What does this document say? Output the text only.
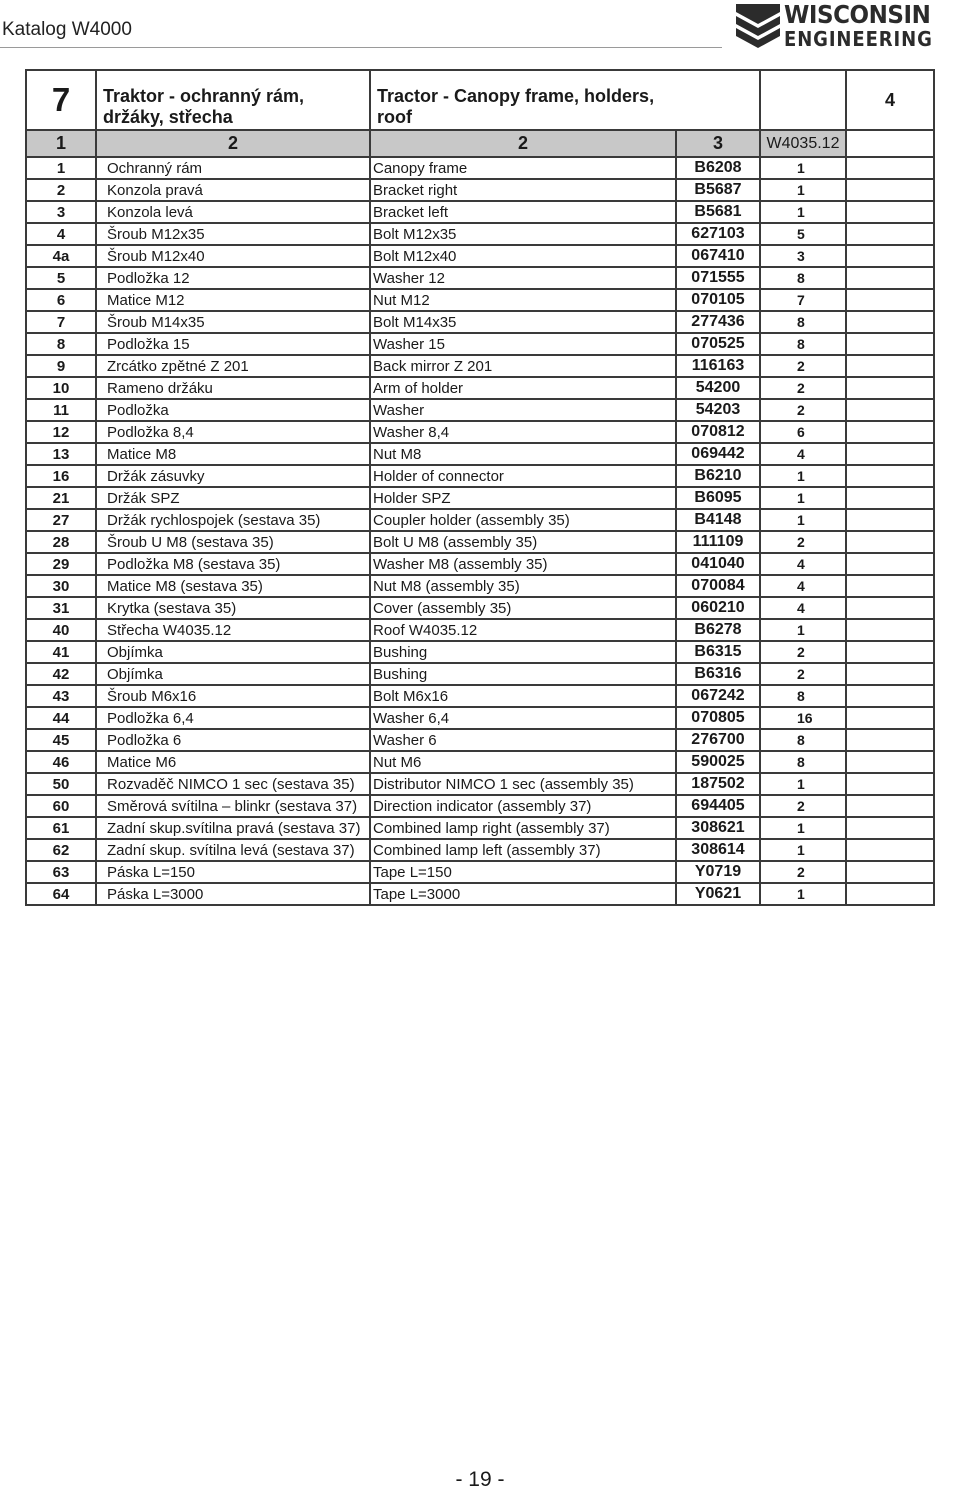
Katalog W4000
WISCONSIN
ENGINEERING
7	Traktor - ochranný rám, držáky, střecha	Tractor - Canopy frame, holders, roof			4
1	2	2	3	W4035.12	
1	Ochranný rám	Canopy frame	B6208	1	
2	Konzola pravá	Bracket right	B5687	1	
3	Konzola levá	Bracket left	B5681	1	
4	Šroub M12x35	Bolt M12x35	627103	5	
4a	Šroub M12x40	Bolt M12x40	067410	3	
5	Podložka 12	Washer 12	071555	8	
6	Matice M12	Nut M12	070105	7	
7	Šroub M14x35	Bolt M14x35	277436	8	
8	Podložka 15	Washer 15	070525	8	
9	Zrcátko zpětné Z 201	Back mirror Z 201	116163	2	
10	Rameno držáku	Arm of holder	54200	2	
11	Podložka	Washer	54203	2	
12	Podložka 8,4	Washer 8,4	070812	6	
13	Matice M8	Nut M8	069442	4	
16	Držák zásuvky	Holder of connector	B6210	1	
21	Držák SPZ	Holder SPZ	B6095	1	
27	Držák rychlospojek (sestava 35)	Coupler holder (assembly 35)	B4148	1	
28	Šroub U M8 (sestava 35)	Bolt U M8 (assembly 35)	111109	2	
29	Podložka M8 (sestava 35)	Washer M8 (assembly 35)	041040	4	
30	Matice M8 (sestava 35)	Nut M8 (assembly 35)	070084	4	
31	Krytka (sestava 35)	Cover (assembly 35)	060210	4	
40	Střecha W4035.12	Roof W4035.12	B6278	1	
41	Objímka	Bushing	B6315	2	
42	Objímka	Bushing	B6316	2	
43	Šroub M6x16	Bolt M6x16	067242	8	
44	Podložka 6,4	Washer 6,4	070805	16	
45	Podložka 6	Washer 6	276700	8	
46	Matice M6	Nut M6	590025	8	
50	Rozvaděč NIMCO 1 sec (sestava 35)	Distributor NIMCO 1 sec (assembly 35)	187502	1	
60	Směrová svítilna – blinkr (sestava 37)	Direction indicator (assembly 37)	694405	2	
61	Zadní skup.svítilna pravá (sestava 37)	Combined lamp right (assembly 37)	308621	1	
62	Zadní skup. svítilna levá (sestava 37)	Combined lamp left (assembly 37)	308614	1	
63	Páska L=150	Tape L=150	Y0719	2	
64	Páska L=3000	Tape L=3000	Y0621	1	
- 19 -
